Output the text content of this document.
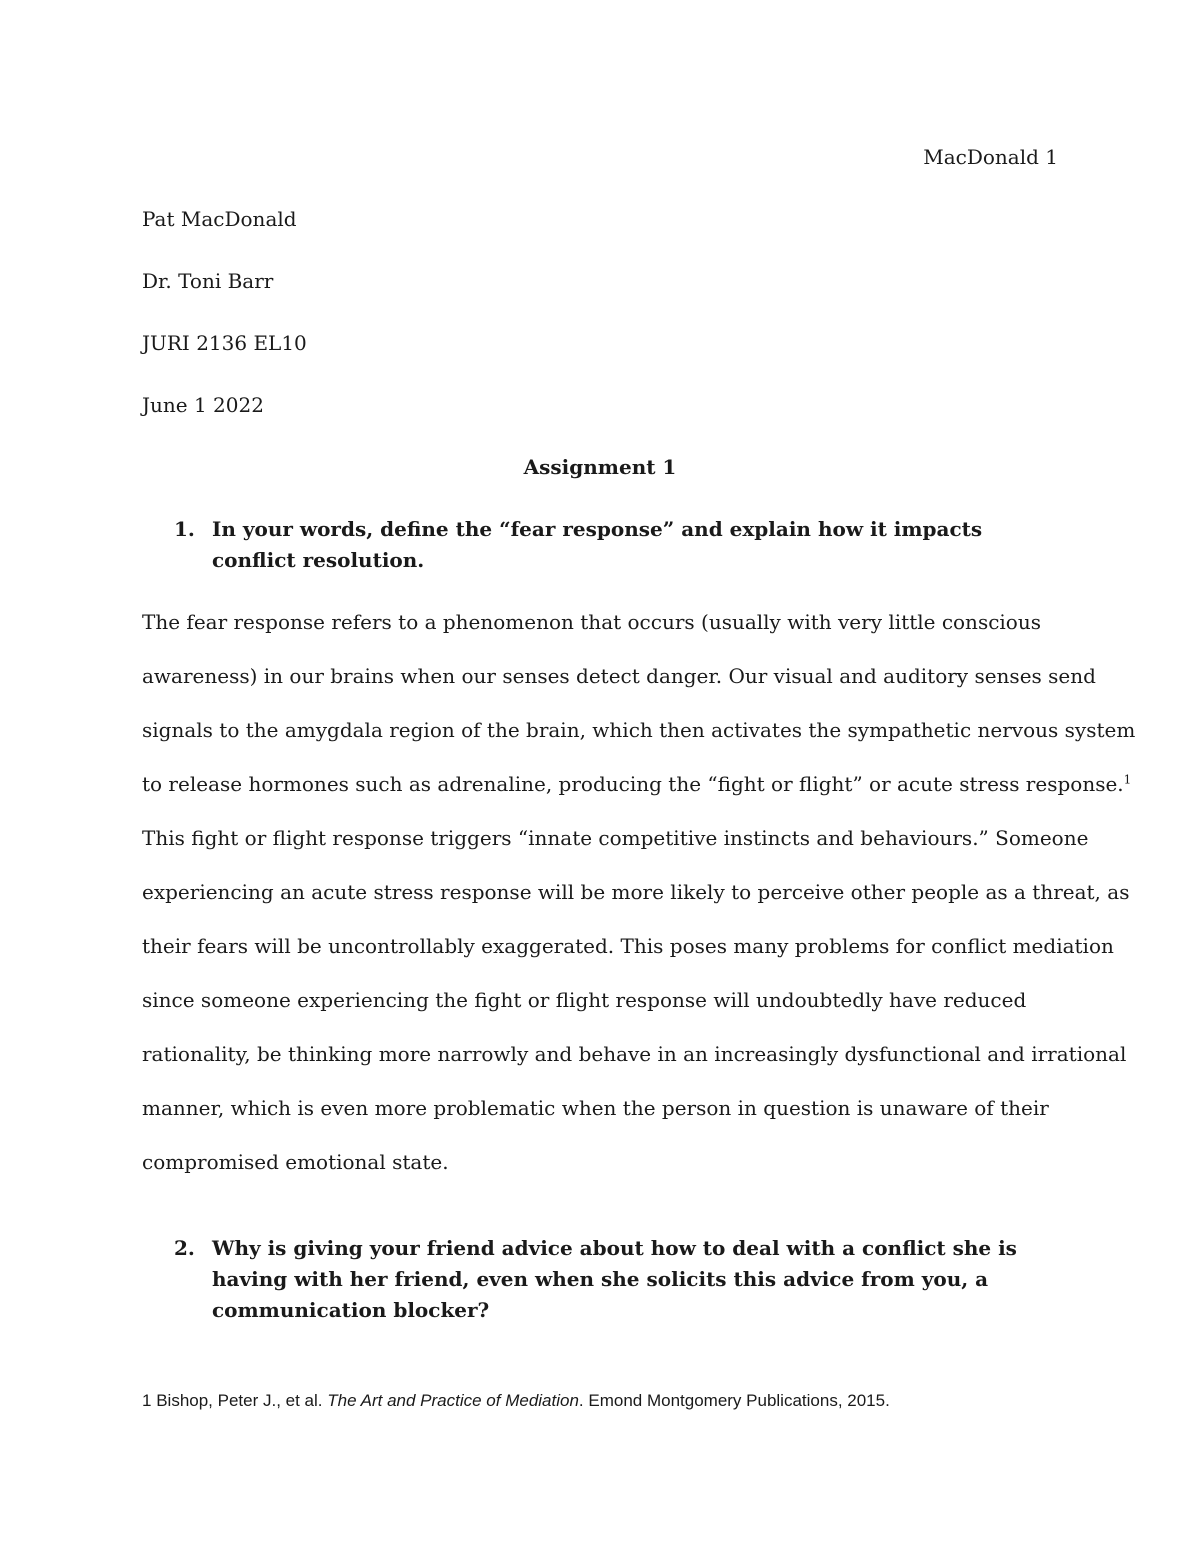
MacDonald 1
Pat MacDonald
Dr. Toni Barr
JURI 2136 EL10
June 1 2022
Assignment 1
1. In your words, define the “fear response” and explain how it impacts conflict resolution.
The fear response refers to a phenomenon that occurs (usually with very little conscious
awareness) in our brains when our senses detect danger. Our visual and auditory senses send
signals to the amygdala region of the brain, which then activates the sympathetic nervous system
to release hormones such as adrenaline, producing the “fight or flight” or acute stress response.$^1$
This fight or flight response triggers “innate competitive instincts and behaviours.” Someone
experiencing an acute stress response will be more likely to perceive other people as a threat, as
their fears will be uncontrollably exaggerated. This poses many problems for conflict mediation
since someone experiencing the fight or flight response will undoubtedly have reduced
rationality, be thinking more narrowly and behave in an increasingly dysfunctional and irrational
manner, which is even more problematic when the person in question is unaware of their
compromised emotional state.
2. Why is giving your friend advice about how to deal with a conflict she is having with her friend, even when she solicits this advice from you, a communication blocker?
1 Bishop, Peter J., et al. The Art and Practice of Mediation. Emond Montgomery Publications, 2015.
